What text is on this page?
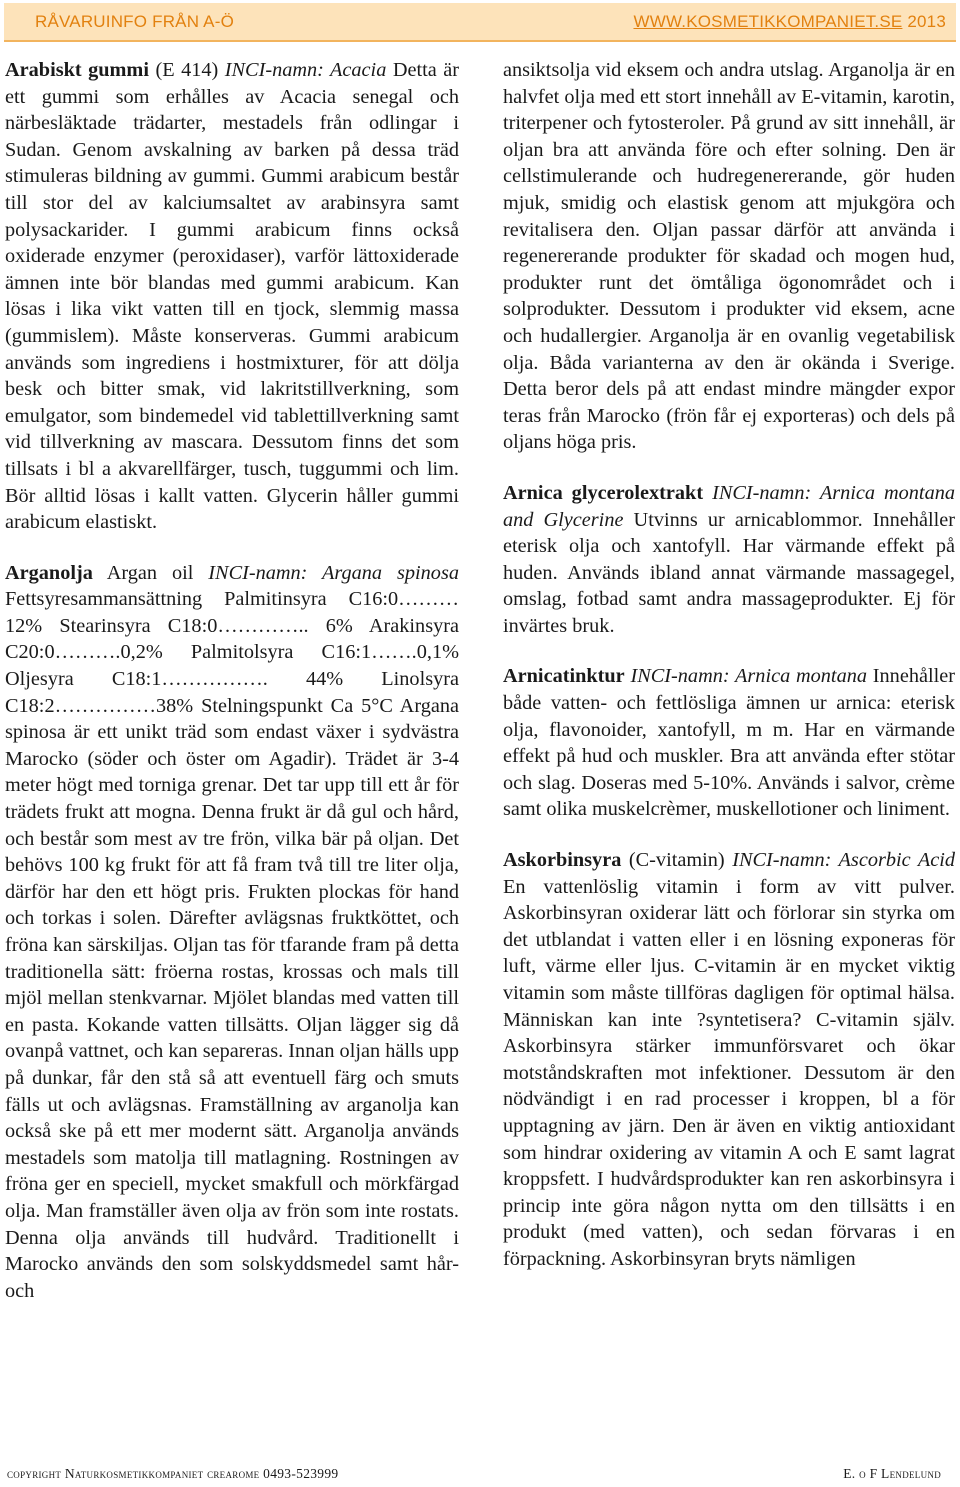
RÅVARUINFO FRÅN A-Ö	WWW.KOSMETIKKOMPANIET.SE 2013

Arabiskt gummi (E 414) INCI-namn: Acacia Detta är ett gummi som erhålles av Acacia senegal och närbesläktade trädarter, mestadels från odlingar i Sudan. Genom avskalning av barken på dessa träd stimuleras bildning av gummi. Gummi arabicum består till stor del av kalciumsaltet av arabinsyra samt polysackarider. I gummi arabicum finns också oxiderade enzymer (peroxidaser), varför lättoxiderade ämnen inte bör blandas med gummi arabicum. Kan lösas i lika vikt vatten till en tjock, slemmig massa (gummislem). Måste konserveras. Gummi arabicum används som ingrediens i hostmixturer, för att dölja besk och bitter smak, vid lakritstillverkning, som emulgator, som bindemedel vid tablettillverkning samt vid tillverkning av mascara. Dessutom finns det som tillsats i bl a akvarellfärger, tusch, tuggummi och lim. Bör alltid lösas i kallt vatten. Glycerin håller gummi arabicum elastiskt.

Arganolja Argan oil INCI-namn: Argana spinosa Fettsyresammansättning Palmitinsyra C16:0………12% Stearinsyra C18:0………….. 6% Arakinsyra C20:0……….0,2% Palmitolsyra C16:1…….0,1% Oljesyra C18:1……………. 44% Linolsyra C18:2……………38% Stelningspunkt Ca 5°C Argana spinosa är ett unikt träd som endast växer i sydvästra Marocko (söder och öster om Agadir). Trädet är 3-4 meter högt med torniga grenar. Det tar upp till ett år för trädets frukt att mogna. Denna frukt är då gul och hård, och består som mest av tre frön, vilka bär på oljan. Det behövs 100 kg frukt för att få fram två till tre liter olja, därför har den ett högt pris. Frukten plockas för hand och torkas i solen. Därefter avlägsnas fruktköttet, och fröna kan särskiljas. Oljan tas för tfarande fram på detta traditionella sätt: fröerna rostas, krossas och mals till mjöl mellan stenkvarnar. Mjölet blandas med vatten till en pasta. Kokande vatten tillsätts. Oljan lägger sig då ovanpå vattnet, och kan separeras. Innan oljan hälls upp på dunkar, får den stå så att eventuell färg och smuts fälls ut och avlägsnas. Framställning av arganolja kan också ske på ett mer modernt sätt. Arganolja används mestadels som matolja till matlagning. Rostningen av fröna ger en speciell, mycket smakfull och mörkfärgad olja. Man framställer även olja av frön som inte rostats. Denna olja används till hudvård. Traditionellt i Marocko används den som solskyddsmedel samt hår- och

ansiktsolja vid eksem och andra utslag. Arganolja är en halvfet olja med ett stort innehåll av E-vitamin, karotin, triterpener och fytosteroler. På grund av sitt innehåll, är oljan bra att använda före och efter solning. Den är cellstimulerande och hudregenererande, gör huden mjuk, smidig och elastisk genom att mjukgöra och revitalisera den. Oljan passar därför att använda i regenererande produkter för skadad och mogen hud, produkter runt det ömtåliga ögonområdet och i solprodukter. Dessutom i produkter vid eksem, acne och hudallergier. Arganolja är en ovanlig vegetabilisk olja. Båda varianterna av den är okända i Sverige. Detta beror dels på att endast mindre mängder expor teras från Marocko (frön får ej exporteras) och dels på oljans höga pris.

Arnica glycerolextrakt INCI-namn: Arnica montana and Glycerine Utvinns ur arnicablommor. Innehåller eterisk olja och xantofyll. Har värmande effekt på huden. Används ibland annat värmande massagegel, omslag, fotbad samt andra massageprodukter. Ej för invärtes bruk.

Arnicatinktur INCI-namn: Arnica montana Innehåller både vatten- och fettlösliga ämnen ur arnica: eterisk olja, flavonoider, xantofyll, m m. Har en värmande effekt på hud och muskler. Bra att använda efter stötar och slag. Doseras med 5-10%. Används i salvor, crème samt olika muskelcrèmer, muskellotioner och liniment.

Askorbinsyra (C-vitamin) INCI-namn: Ascorbic Acid En vattenlöslig vitamin i form av vitt pulver. Askorbinsyran oxiderar lätt och förlorar sin styrka om det utblandat i vatten eller i en lösning exponeras för luft, värme eller ljus. C-vitamin är en mycket viktig vitamin som måste tillföras dagligen för optimal hälsa. Människan kan inte ?syntetisera? C-vitamin själv. Askorbinsyra stärker immunförsvaret och ökar motståndskraften mot infektioner. Dessutom är den nödvändigt i en rad processer i kroppen, bl a för upptagning av järn. Den är även en viktig antioxidant som hindrar oxidering av vitamin A och E samt lagrat kroppsfett. I hudvårdsprodukter kan ren askorbinsyra i princip inte göra någon nytta om den tillsätts i en produkt (med vatten), och sedan förvaras i en förpackning. Askorbinsyran bryts nämligen

copyright Naturkosmetikkompaniet crearome 0493-523999	E. o F Lendelund
